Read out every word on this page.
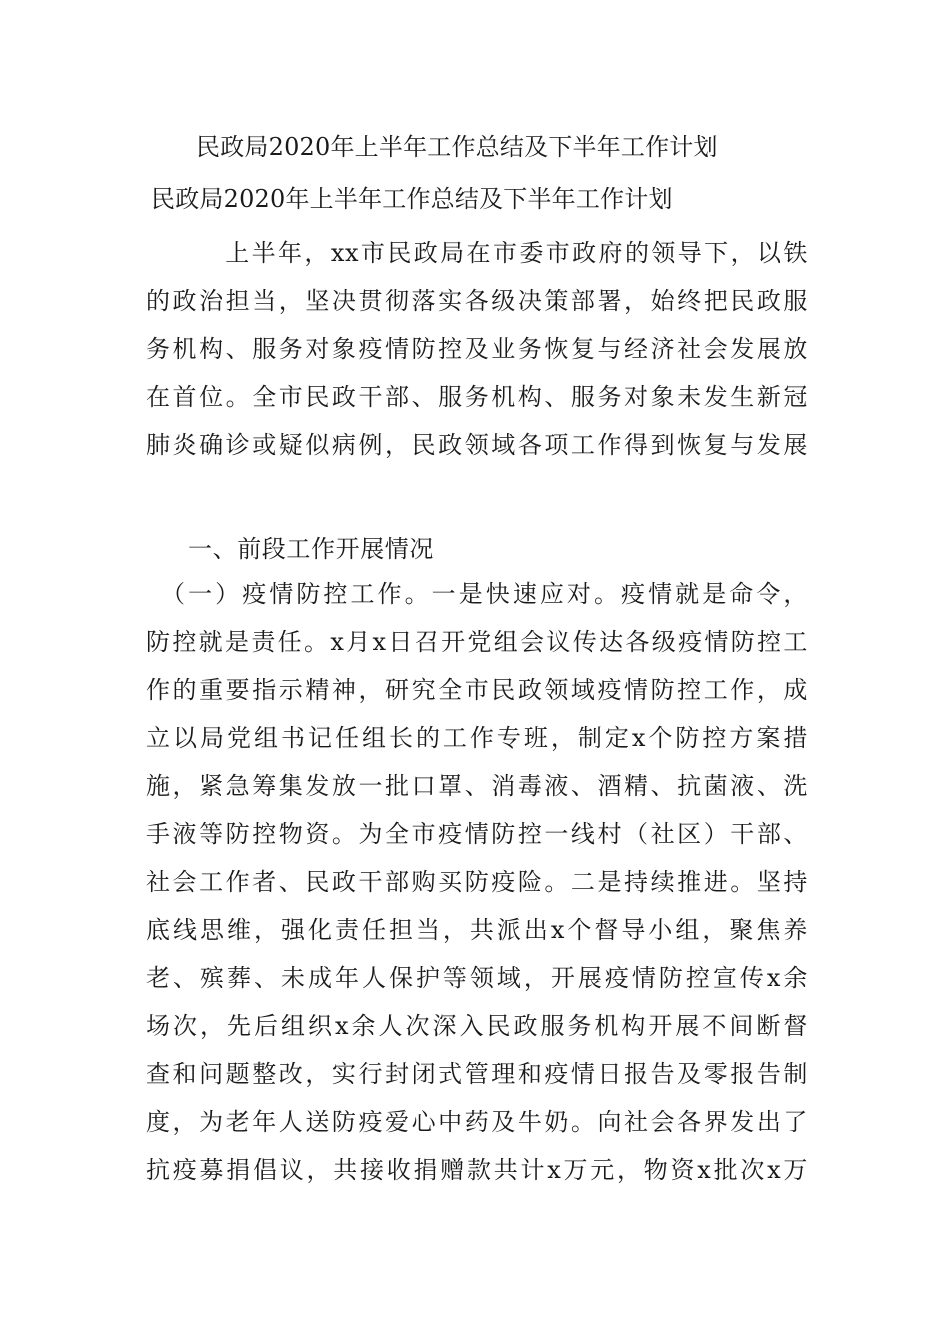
民政局2020年上半年工作总结及下半年工作计划
民政局2020年上半年工作总结及下半年工作计划
　　　上半年，xx市民政局在市委市政府的领导下，以铁
的政治担当，坚决贯彻落实各级决策部署，始终把民政服
务机构、服务对象疫情防控及业务恢复与经济社会发展放
在首位。全市民政干部、服务机构、服务对象未发生新冠
肺炎确诊或疑似病例，民政领域各项工作得到恢复与发展
一、前段工作开展情况
　（一）疫情防控工作。一是快速应对。疫情就是命令，
防控就是责任。x月x日召开党组会议传达各级疫情防控工
作的重要指示精神，研究全市民政领域疫情防控工作，成
立以局党组书记任组长的工作专班，制定x个防控方案措
施，紧急筹集发放一批口罩、消毒液、酒精、抗菌液、洗
手液等防控物资。为全市疫情防控一线村（社区）干部、
社会工作者、民政干部购买防疫险。二是持续推进。坚持
底线思维，强化责任担当，共派出x个督导小组，聚焦养
老、殡葬、未成年人保护等领域，开展疫情防控宣传x余
场次，先后组织x余人次深入民政服务机构开展不间断督
查和问题整改，实行封闭式管理和疫情日报告及零报告制
度，为老年人送防疫爱心中药及牛奶。向社会各界发出了
抗疫募捐倡议，共接收捐赠款共计x万元，物资x批次x万
